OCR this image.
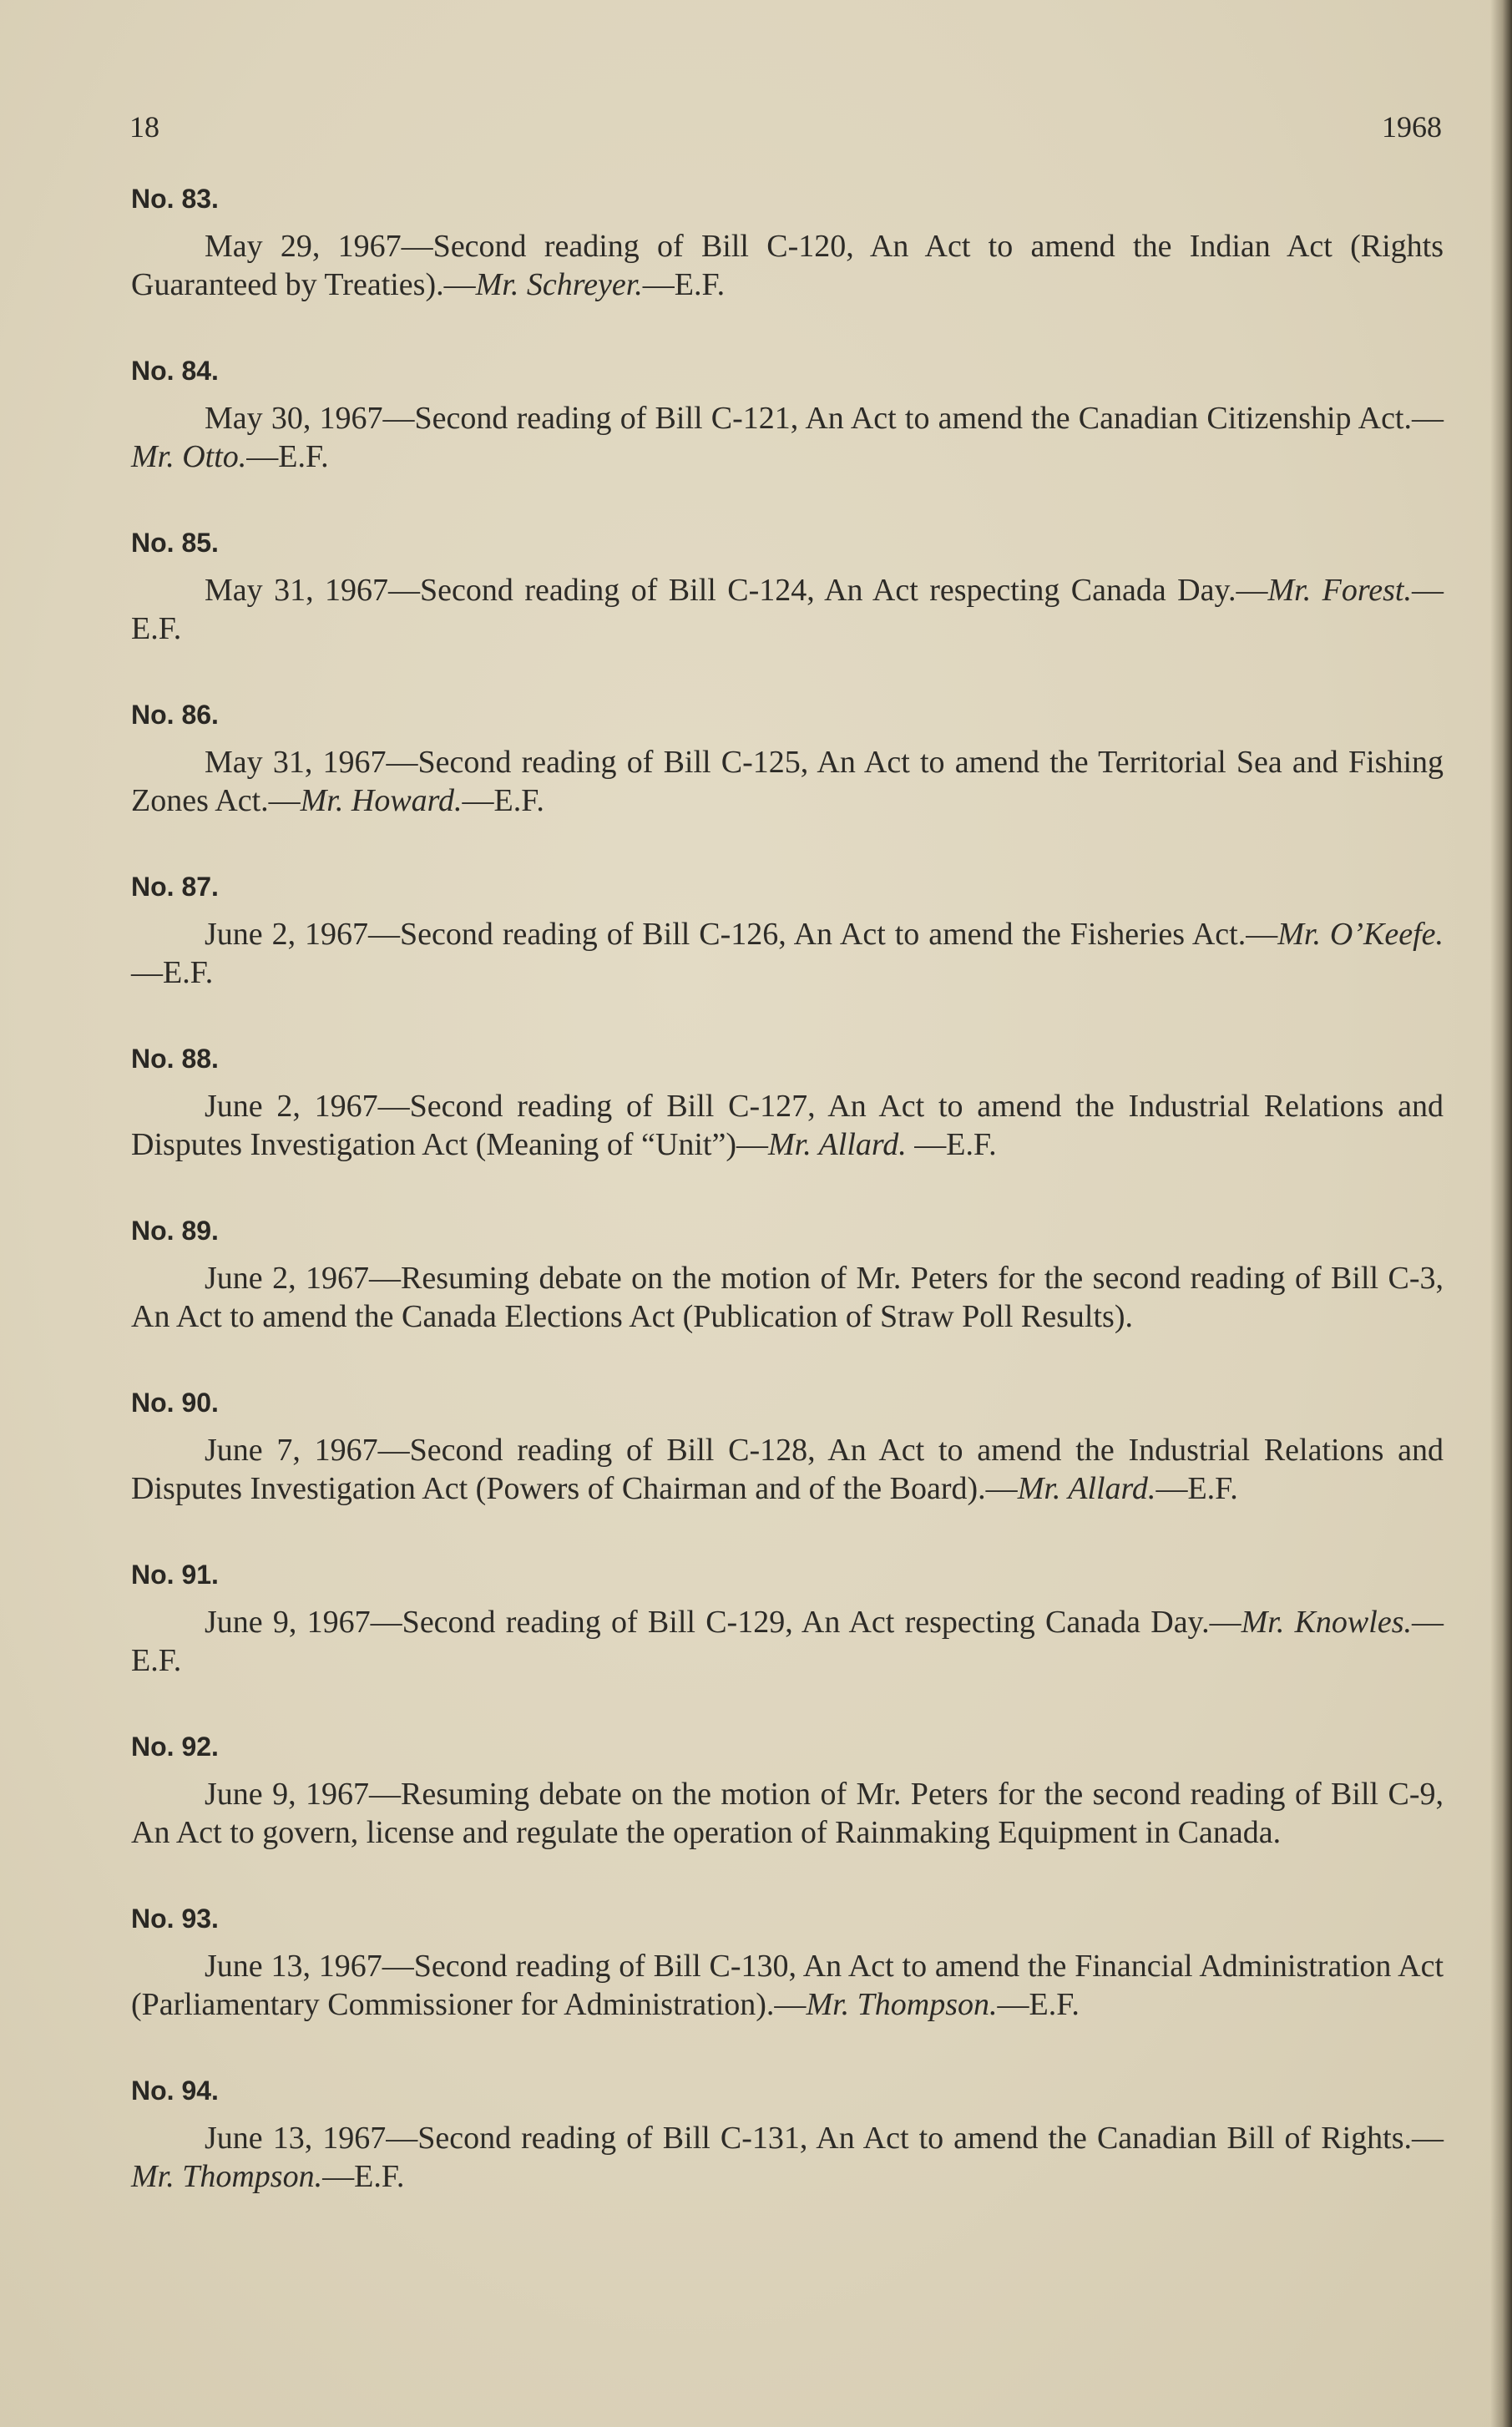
18	1968
No. 83.

May 29, 1967—Second reading of Bill C-120, An Act to amend the Indian Act (Rights Guaranteed by Treaties).—Mr. Schreyer.—E.F.

No. 84.

May 30, 1967—Second reading of Bill C-121, An Act to amend the Canadian Citizenship Act.—Mr. Otto.—E.F.

No. 85.

May 31, 1967—Second reading of Bill C-124, An Act respecting Canada Day.—Mr. Forest.—E.F.

No. 86.

May 31, 1967—Second reading of Bill C-125, An Act to amend the Territorial Sea and Fishing Zones Act.—Mr. Howard.—E.F.

No. 87.

June 2, 1967—Second reading of Bill C-126, An Act to amend the Fisheries Act.—Mr. O’Keefe.—E.F.

No. 88.

June 2, 1967—Second reading of Bill C-127, An Act to amend the Industrial Relations and Disputes Investigation Act (Meaning of “Unit”)—Mr. Allard. —E.F.

No. 89.

June 2, 1967—Resuming debate on the motion of Mr. Peters for the second reading of Bill C-3, An Act to amend the Canada Elections Act (Publication of Straw Poll Results).

No. 90.

June 7, 1967—Second reading of Bill C-128, An Act to amend the Industrial Relations and Disputes Investigation Act (Powers of Chairman and of the Board).—Mr. Allard.—E.F.

No. 91.

June 9, 1967—Second reading of Bill C-129, An Act respecting Canada Day.—Mr. Knowles.—E.F.

No. 92.

June 9, 1967—Resuming debate on the motion of Mr. Peters for the second reading of Bill C-9, An Act to govern, license and regulate the operation of Rainmaking Equipment in Canada.

No. 93.

June 13, 1967—Second reading of Bill C-130, An Act to amend the Financial Administration Act (Parliamentary Commissioner for Administration).—Mr. Thompson.—E.F.

No. 94.

June 13, 1967—Second reading of Bill C-131, An Act to amend the Canadian Bill of Rights.—Mr. Thompson.—E.F.
